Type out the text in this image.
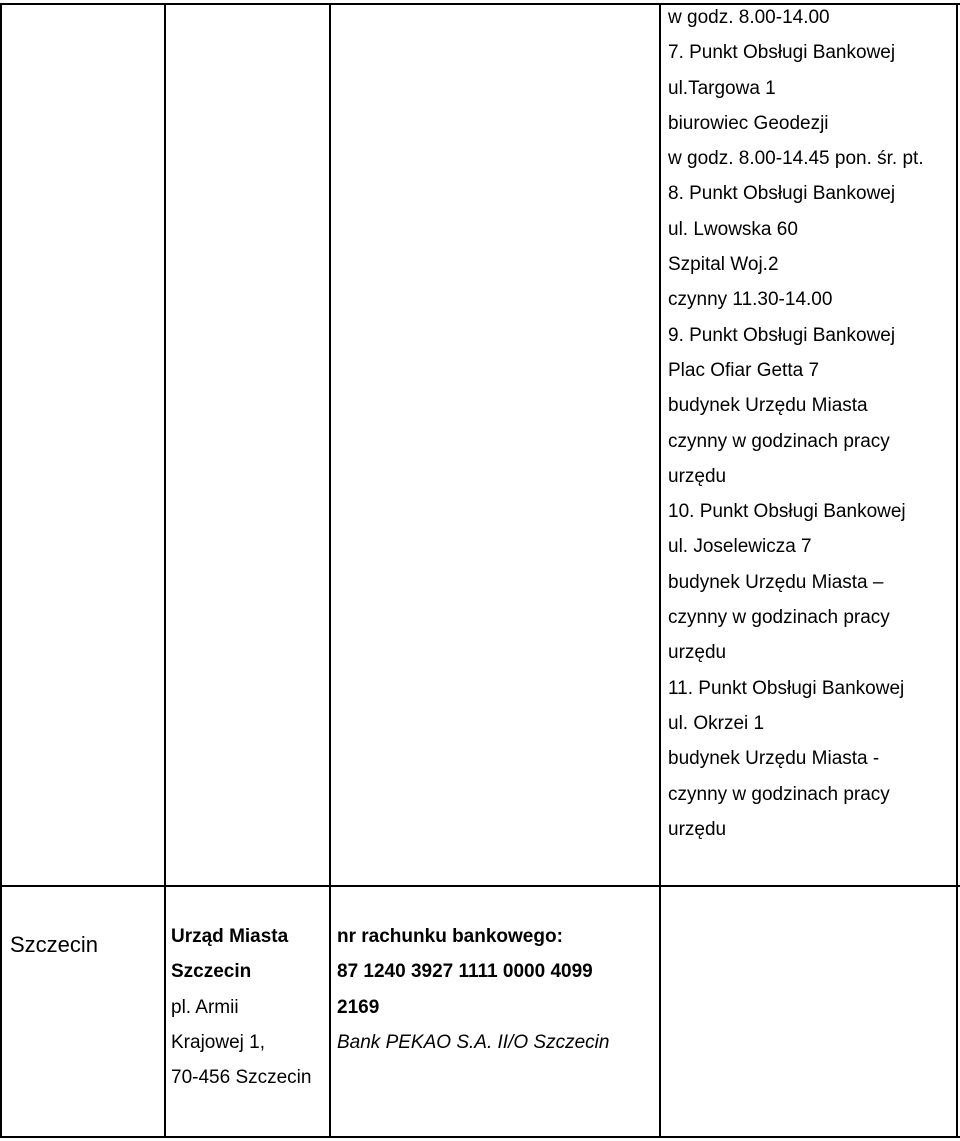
w godz. 8.00-14.00
7. Punkt Obsługi Bankowej
ul.Targowa 1
biurowiec Geodezji
w godz. 8.00-14.45 pon. śr. pt.
8. Punkt Obsługi Bankowej
ul. Lwowska 60
Szpital Woj.2
czynny 11.30-14.00
9. Punkt Obsługi Bankowej
Plac Ofiar Getta 7
budynek Urzędu Miasta
czynny w godzinach pracy
urzędu
10. Punkt Obsługi Bankowej
ul. Joselewicza 7
budynek Urzędu Miasta –
czynny w godzinach pracy
urzędu
11. Punkt Obsługi Bankowej
ul. Okrzei 1
budynek Urzędu Miasta -
czynny w godzinach pracy
urzędu
Szczecin	Urząd Miasta
Szczecin
pl. Armii
Krajowej 1,
70-456 Szczecin
nr rachunku bankowego:
87 1240 3927 1111 0000 4099
2169
Bank PEKAO S.A. II/O Szczecin
